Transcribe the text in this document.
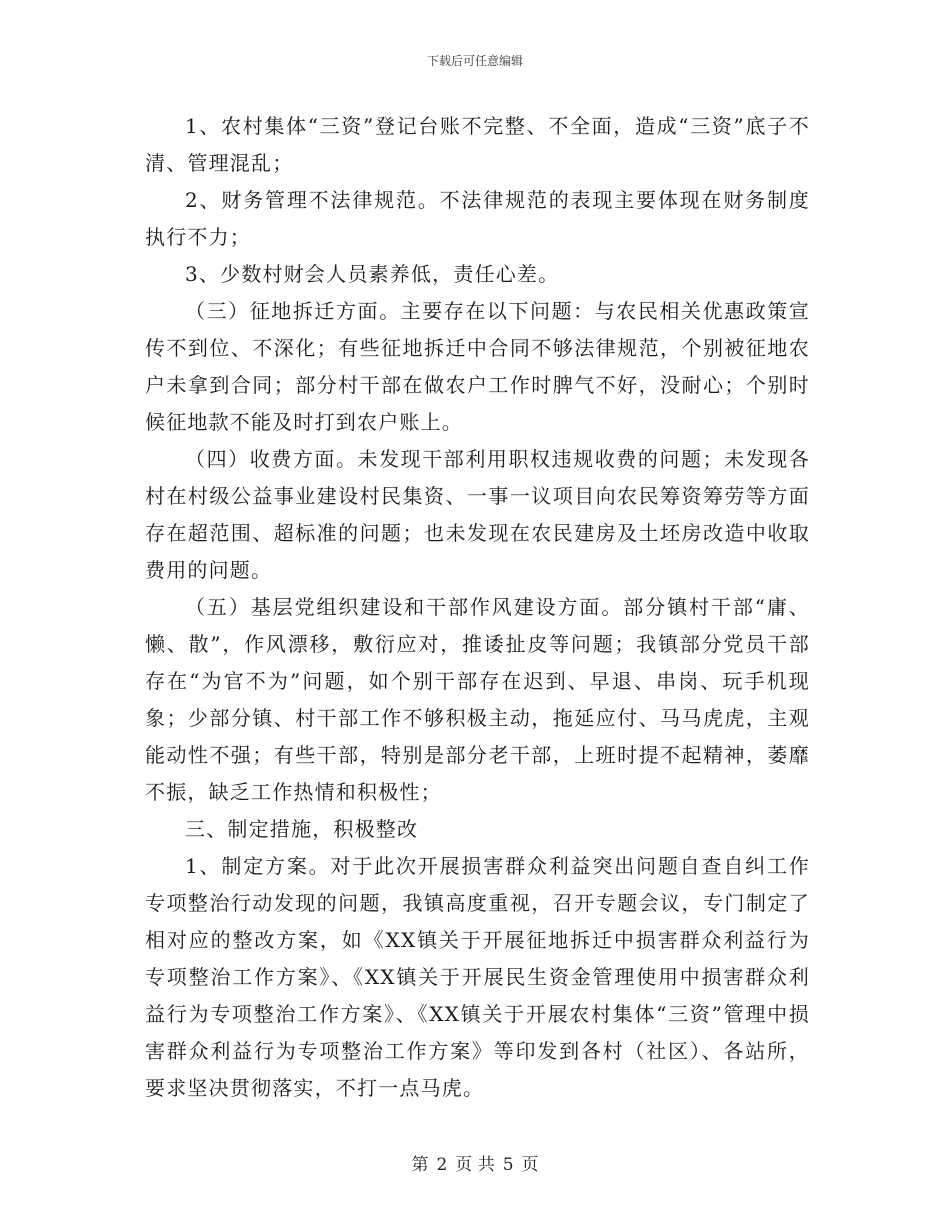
下载后可任意编辑

1、农村集体“三资”登记台账不完整、不全面，造成“三资”底子不清、管理混乱；

2、财务管理不法律规范。不法律规范的表现主要体现在财务制度执行不力；

3、少数村财会人员素养低，责任心差。

（三）征地拆迁方面。主要存在以下问题：与农民相关优惠政策宣传不到位、不深化；有些征地拆迁中合同不够法律规范，个别被征地农户未拿到合同；部分村干部在做农户工作时脾气不好，没耐心；个别时候征地款不能及时打到农户账上。

（四）收费方面。未发现干部利用职权违规收费的问题；未发现各村在村级公益事业建设村民集资、一事一议项目向农民筹资筹劳等方面存在超范围、超标准的问题；也未发现在农民建房及土坯房改造中收取费用的问题。

（五）基层党组织建设和干部作风建设方面。部分镇村干部“庸、懒、散”，作风漂移，敷衍应对，推诿扯皮等问题；我镇部分党员干部存在“为官不为”问题，如个别干部存在迟到、早退、串岗、玩手机现象；少部分镇、村干部工作不够积极主动，拖延应付、马马虎虎，主观能动性不强；有些干部，特别是部分老干部，上班时提不起精神，萎靡不振，缺乏工作热情和积极性；

三、制定措施，积极整改

1、制定方案。对于此次开展损害群众利益突出问题自查自纠工作专项整治行动发现的问题，我镇高度重视，召开专题会议，专门制定了相对应的整改方案，如《XX镇关于开展征地拆迁中损害群众利益行为专项整治工作方案》、《XX镇关于开展民生资金管理使用中损害群众利益行为专项整治工作方案》、《XX镇关于开展农村集体“三资”管理中损害群众利益行为专项整治工作方案》等印发到各村（社区）、各站所，要求坚决贯彻落实，不打一点马虎。

第 2 页 共 5 页
